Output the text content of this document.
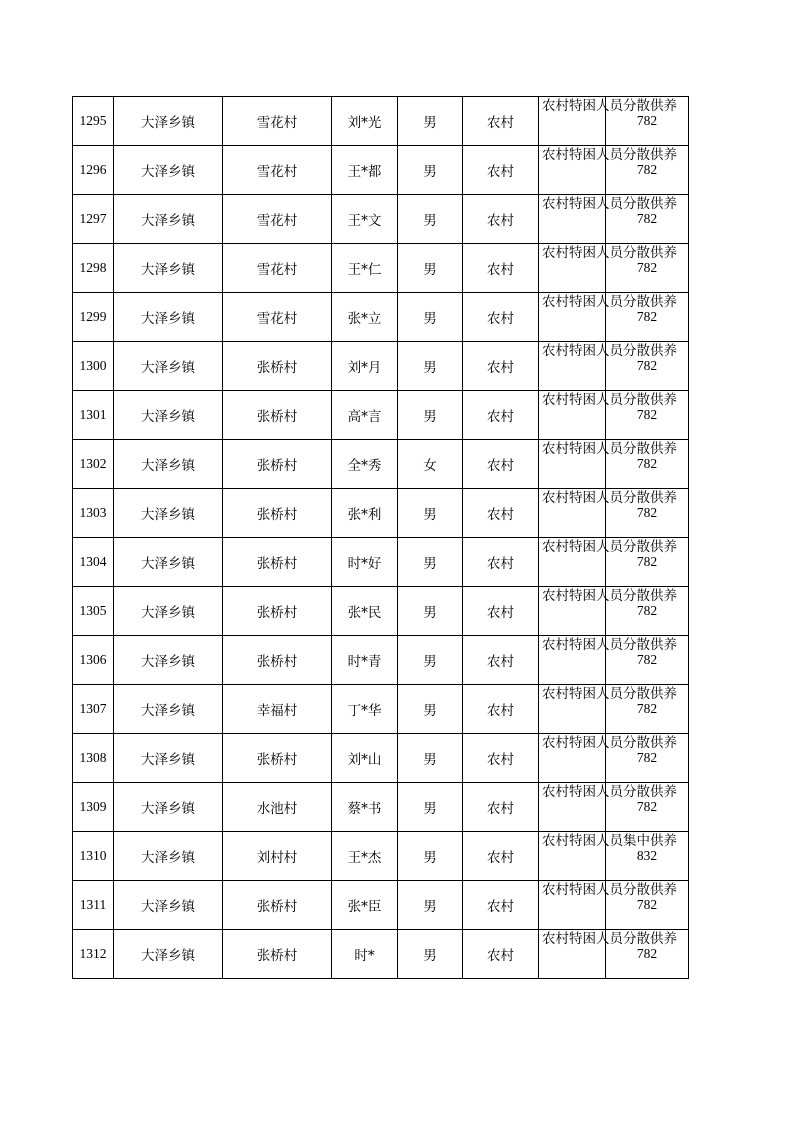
1295	大泽乡镇	雪花村	刘*光	男	农村	农村特困人员分散供养	782
1296	大泽乡镇	雪花村	王*都	男	农村	农村特困人员分散供养	782
1297	大泽乡镇	雪花村	王*文	男	农村	农村特困人员分散供养	782
1298	大泽乡镇	雪花村	王*仁	男	农村	农村特困人员分散供养	782
1299	大泽乡镇	雪花村	张*立	男	农村	农村特困人员分散供养	782
1300	大泽乡镇	张桥村	刘*月	男	农村	农村特困人员分散供养	782
1301	大泽乡镇	张桥村	高*言	男	农村	农村特困人员分散供养	782
1302	大泽乡镇	张桥村	全*秀	女	农村	农村特困人员分散供养	782
1303	大泽乡镇	张桥村	张*利	男	农村	农村特困人员分散供养	782
1304	大泽乡镇	张桥村	时*好	男	农村	农村特困人员分散供养	782
1305	大泽乡镇	张桥村	张*民	男	农村	农村特困人员分散供养	782
1306	大泽乡镇	张桥村	时*青	男	农村	农村特困人员分散供养	782
1307	大泽乡镇	幸福村	丁*华	男	农村	农村特困人员分散供养	782
1308	大泽乡镇	张桥村	刘*山	男	农村	农村特困人员分散供养	782
1309	大泽乡镇	水池村	蔡*书	男	农村	农村特困人员分散供养	782
1310	大泽乡镇	刘村村	王*杰	男	农村	农村特困人员集中供养	832
1311	大泽乡镇	张桥村	张*臣	男	农村	农村特困人员分散供养	782
1312	大泽乡镇	张桥村	时*	男	农村	农村特困人员分散供养	782
